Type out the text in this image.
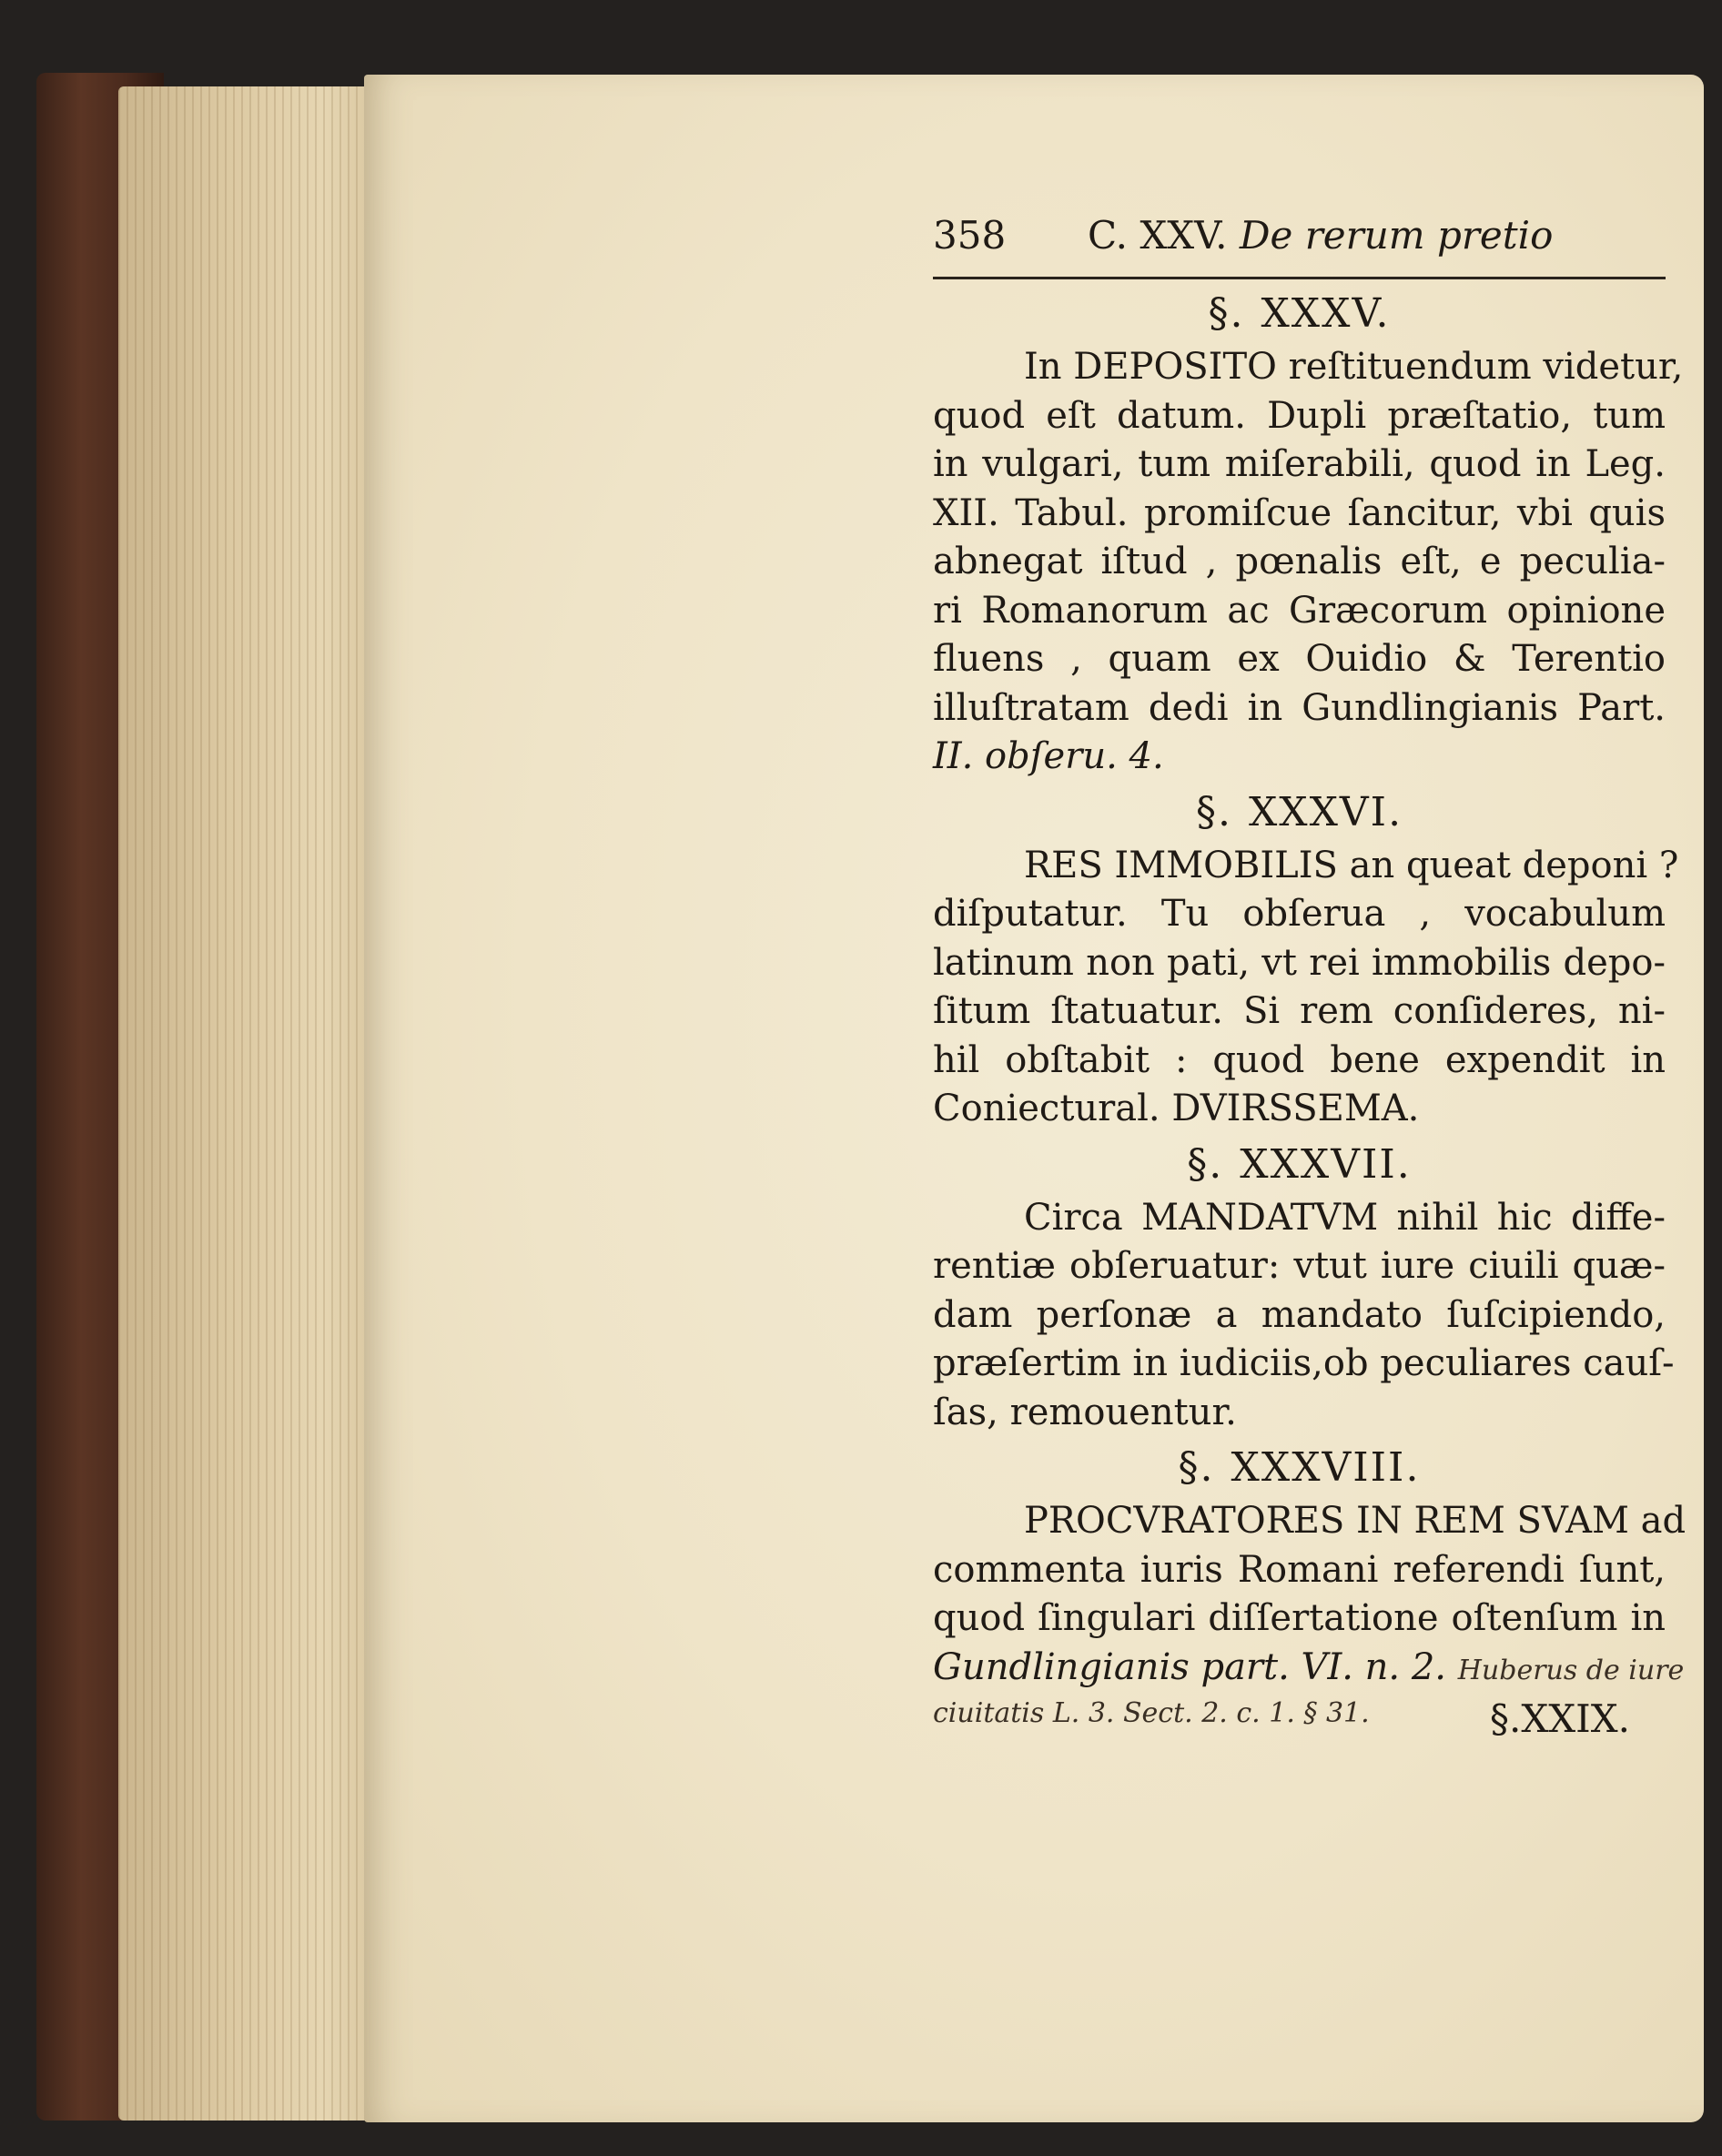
358 C. XXV. De rerum pretio
§. XXXV.
In DEPOSITO reſtituendum videtur,
quod eſt datum. Dupli præſtatio, tum
in vulgari, tum miſerabili, quod in Leg.
XII. Tabul. promiſcue ſancitur, vbi quis
abnegat iſtud , pœnalis eſt, e peculia-
ri Romanorum ac Græcorum opinione
fluens , quam ex Ouidio & Terentio
illuſtratam dedi in Gundlingianis Part.
II. obſeru. 4.
§. XXXVI.
RES IMMOBILIS an queat deponi ?
diſputatur. Tu obſerua , vocabulum
latinum non pati, vt rei immobilis depo-
ſitum ſtatuatur. Si rem conſideres, ni-
hil obſtabit : quod bene expendit in
Coniectural. DVIRSSEMA.
§. XXXVII.
Circa MANDATVM nihil hic diffe-
rentiæ obſeruatur: vtut iure ciuili quæ-
dam perſonæ a mandato ſuſcipiendo,
præſertim in iudiciis,ob peculiares cauſ-
ſas, remouentur.
§. XXXVIII.
PROCVRATORES IN REM SVAM ad
commenta iuris Romani referendi ſunt,
quod ſingulari diſſertatione oſtenſum in
Gundlingianis part. VI. n. 2. Huberus de iure
ciuitatis L. 3. Sect. 2. c. 1. § 31.	§.XXIX.
